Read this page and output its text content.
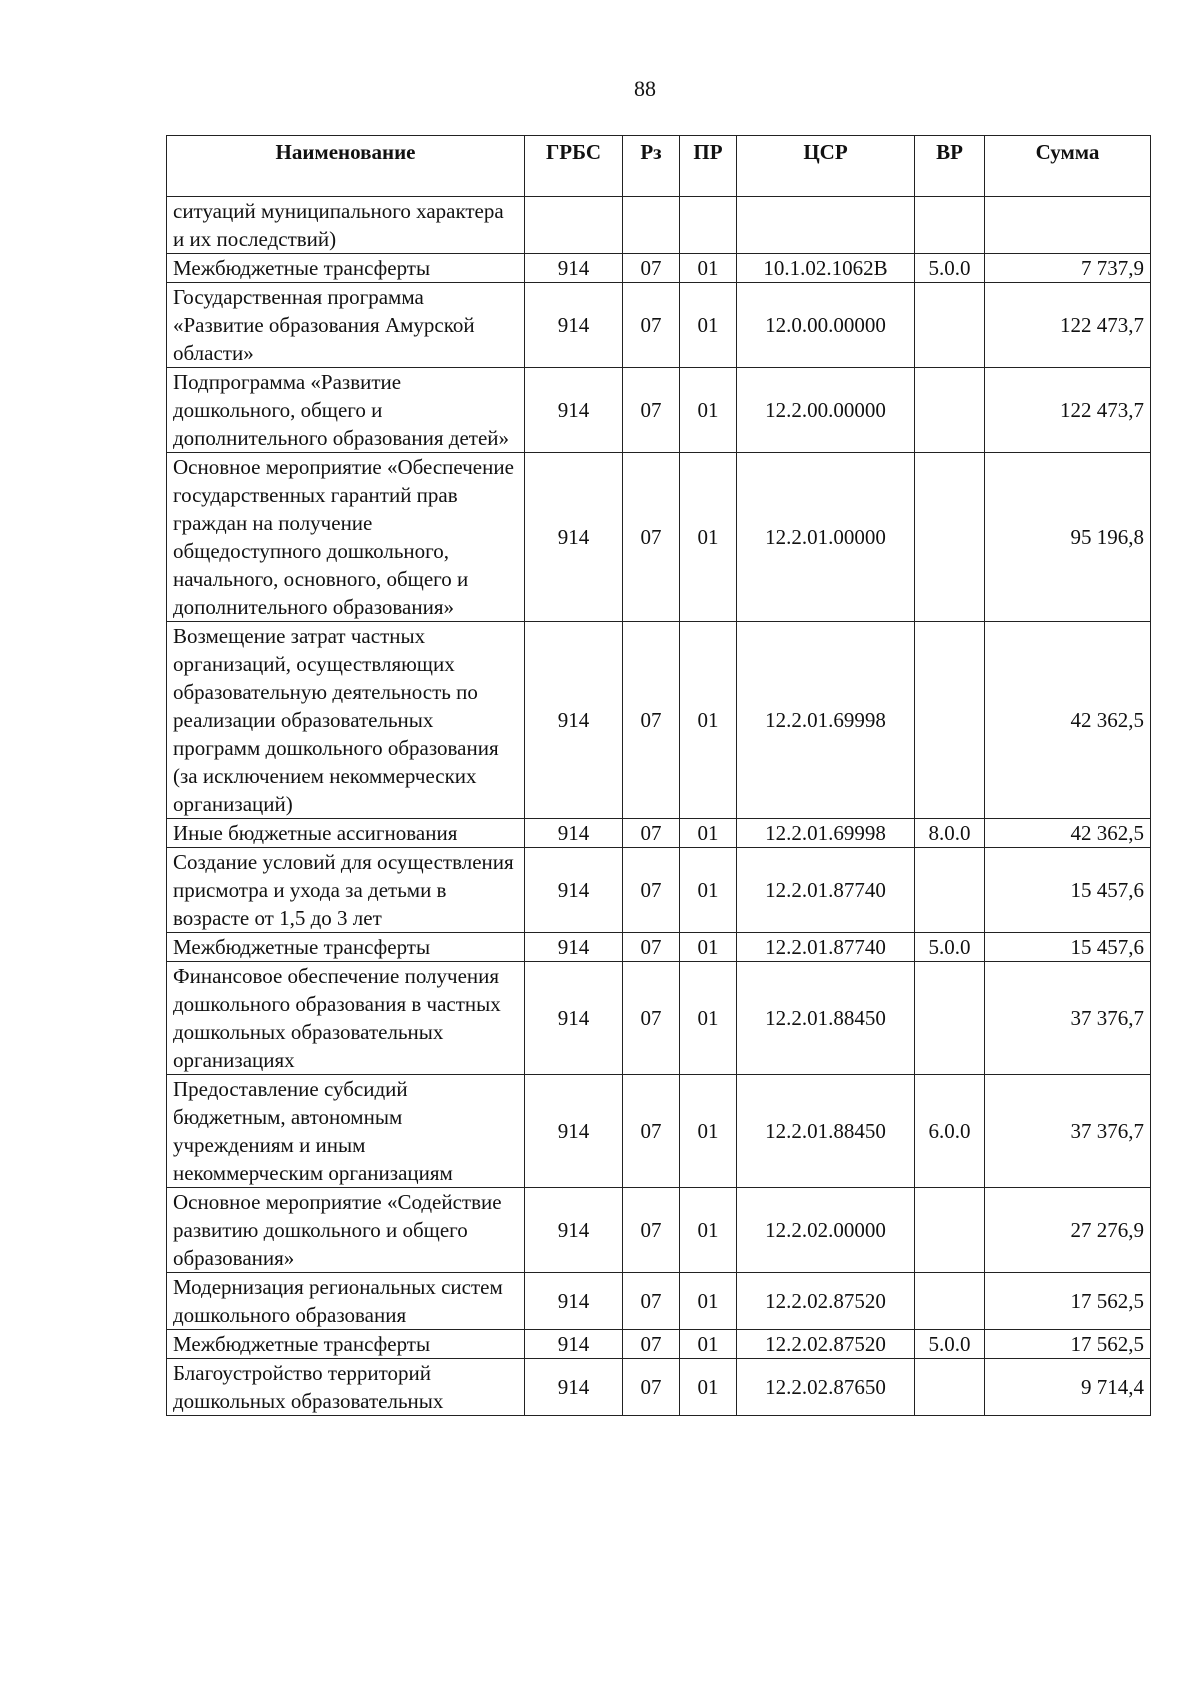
88
Наименование	ГРБС	Рз	ПР	ЦСР	ВР	Сумма
ситуаций муниципального характера и их последствий)						
Межбюджетные трансферты	914	07	01	10.1.02.1062В	5.0.0	7 737,9
Государственная программа «Развитие образования Амурской области»	914	07	01	12.0.00.00000		122 473,7
Подпрограмма «Развитие дошкольного, общего и дополнительного образования детей»	914	07	01	12.2.00.00000		122 473,7
Основное мероприятие «Обеспечение государственных гарантий прав граждан на получение общедоступного дошкольного, начального, основного, общего и дополнительного образования»	914	07	01	12.2.01.00000		95 196,8
Возмещение затрат частных организаций, осуществляющих образовательную деятельность по реализации образовательных программ дошкольного образования (за исключением некоммерческих организаций)	914	07	01	12.2.01.69998		42 362,5
Иные бюджетные ассигнования	914	07	01	12.2.01.69998	8.0.0	42 362,5
Создание условий для осуществления присмотра и ухода за детьми в возрасте от 1,5 до 3 лет	914	07	01	12.2.01.87740		15 457,6
Межбюджетные трансферты	914	07	01	12.2.01.87740	5.0.0	15 457,6
Финансовое обеспечение получения дошкольного образования в частных дошкольных образовательных организациях	914	07	01	12.2.01.88450		37 376,7
Предоставление субсидий бюджетным, автономным учреждениям и иным некоммерческим организациям	914	07	01	12.2.01.88450	6.0.0	37 376,7
Основное мероприятие «Содействие развитию дошкольного и общего образования»	914	07	01	12.2.02.00000		27 276,9
Модернизация региональных систем дошкольного образования	914	07	01	12.2.02.87520		17 562,5
Межбюджетные трансферты	914	07	01	12.2.02.87520	5.0.0	17 562,5
Благоустройство территорий дошкольных образовательных	914	07	01	12.2.02.87650		9 714,4
